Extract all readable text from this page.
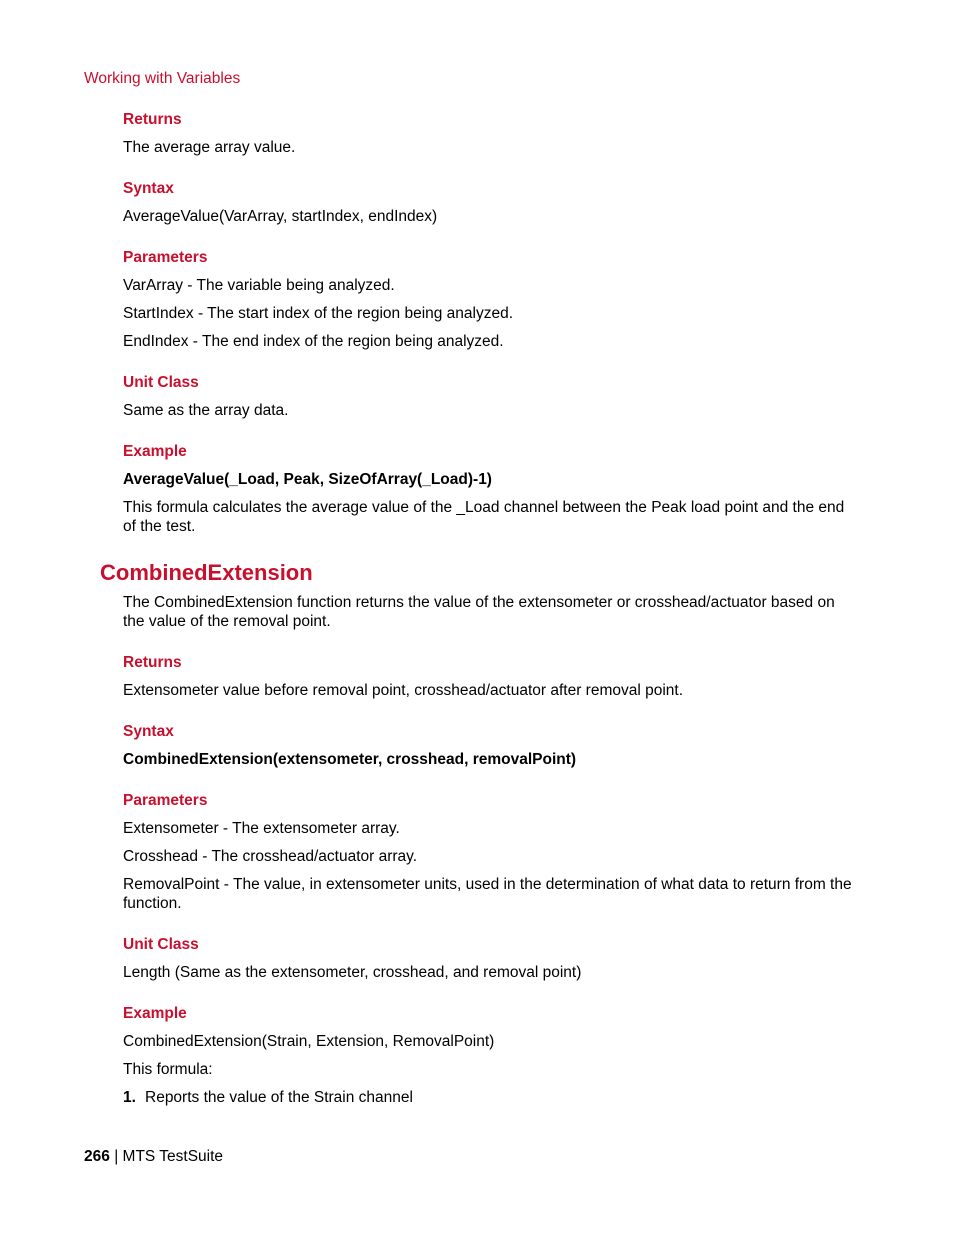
Working with Variables
Returns

The average array value.

Syntax

AverageValue(VarArray, startIndex, endIndex)

Parameters

VarArray - The variable being analyzed.

StartIndex - The start index of the region being analyzed.

EndIndex - The end index of the region being analyzed.

Unit Class

Same as the array data.

Example

AverageValue(_Load, Peak, SizeOfArray(_Load)-1)

This formula calculates the average value of the _Load channel between the Peak load point and the end of the test.

CombinedExtension

The CombinedExtension function returns the value of the extensometer or crosshead/actuator based on the value of the removal point.

Returns

Extensometer value before removal point, crosshead/actuator after removal point.

Syntax

CombinedExtension(extensometer, crosshead, removalPoint)

Parameters

Extensometer - The extensometer array.

Crosshead - The crosshead/actuator array.

RemovalPoint - The value, in extensometer units, used in the determination of what data to return from the function.

Unit Class

Length (Same as the extensometer, crosshead, and removal point)

Example

CombinedExtension(Strain, Extension, RemovalPoint)

This formula:

1. Reports the value of the Strain channel

266 | MTS TestSuite
